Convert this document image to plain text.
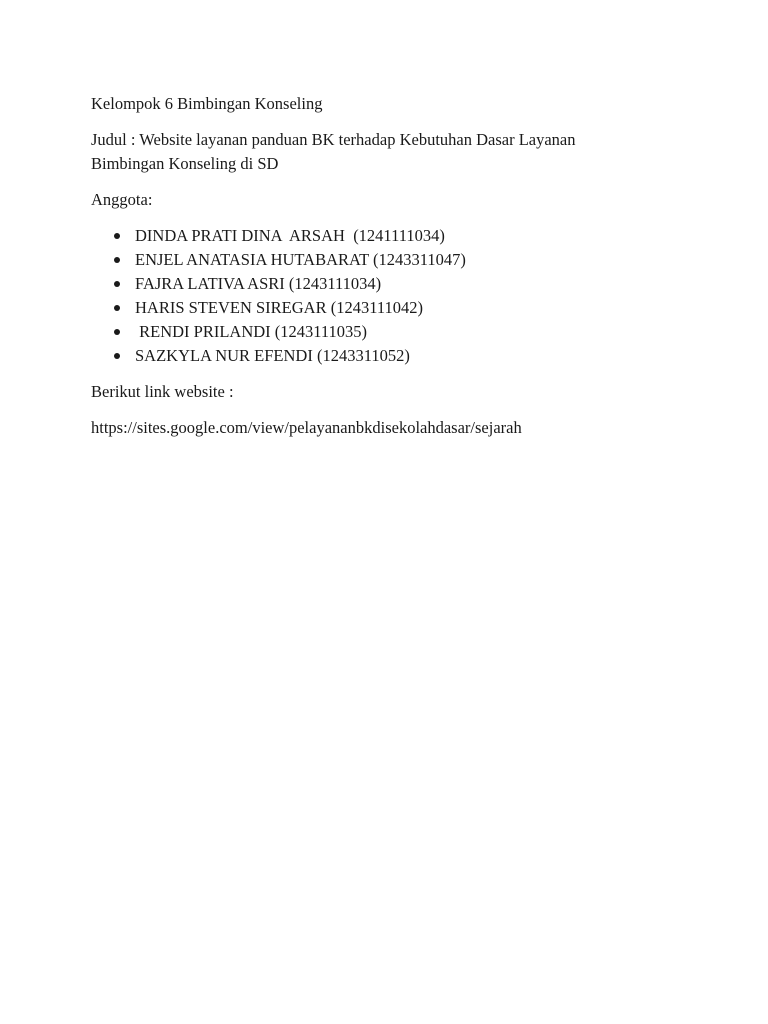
Kelompok 6 Bimbingan Konseling

Judul : Website layanan panduan BK terhadap Kebutuhan Dasar Layanan
Bimbingan Konseling di SD

Anggota:

DINDA PRATI DINA  ARSAH  (1241111034)
ENJEL ANATASIA HUTABARAT (1243311047)
FAJRA LATIVA ASRI (1243111034)
HARIS STEVEN SIREGAR (1243111042)
RENDI PRILANDI (1243111035)
SAZKYLA NUR EFENDI (1243311052)

Berikut link website :

https://sites.google.com/view/pelayananbkdisekolahdasar/sejarah
